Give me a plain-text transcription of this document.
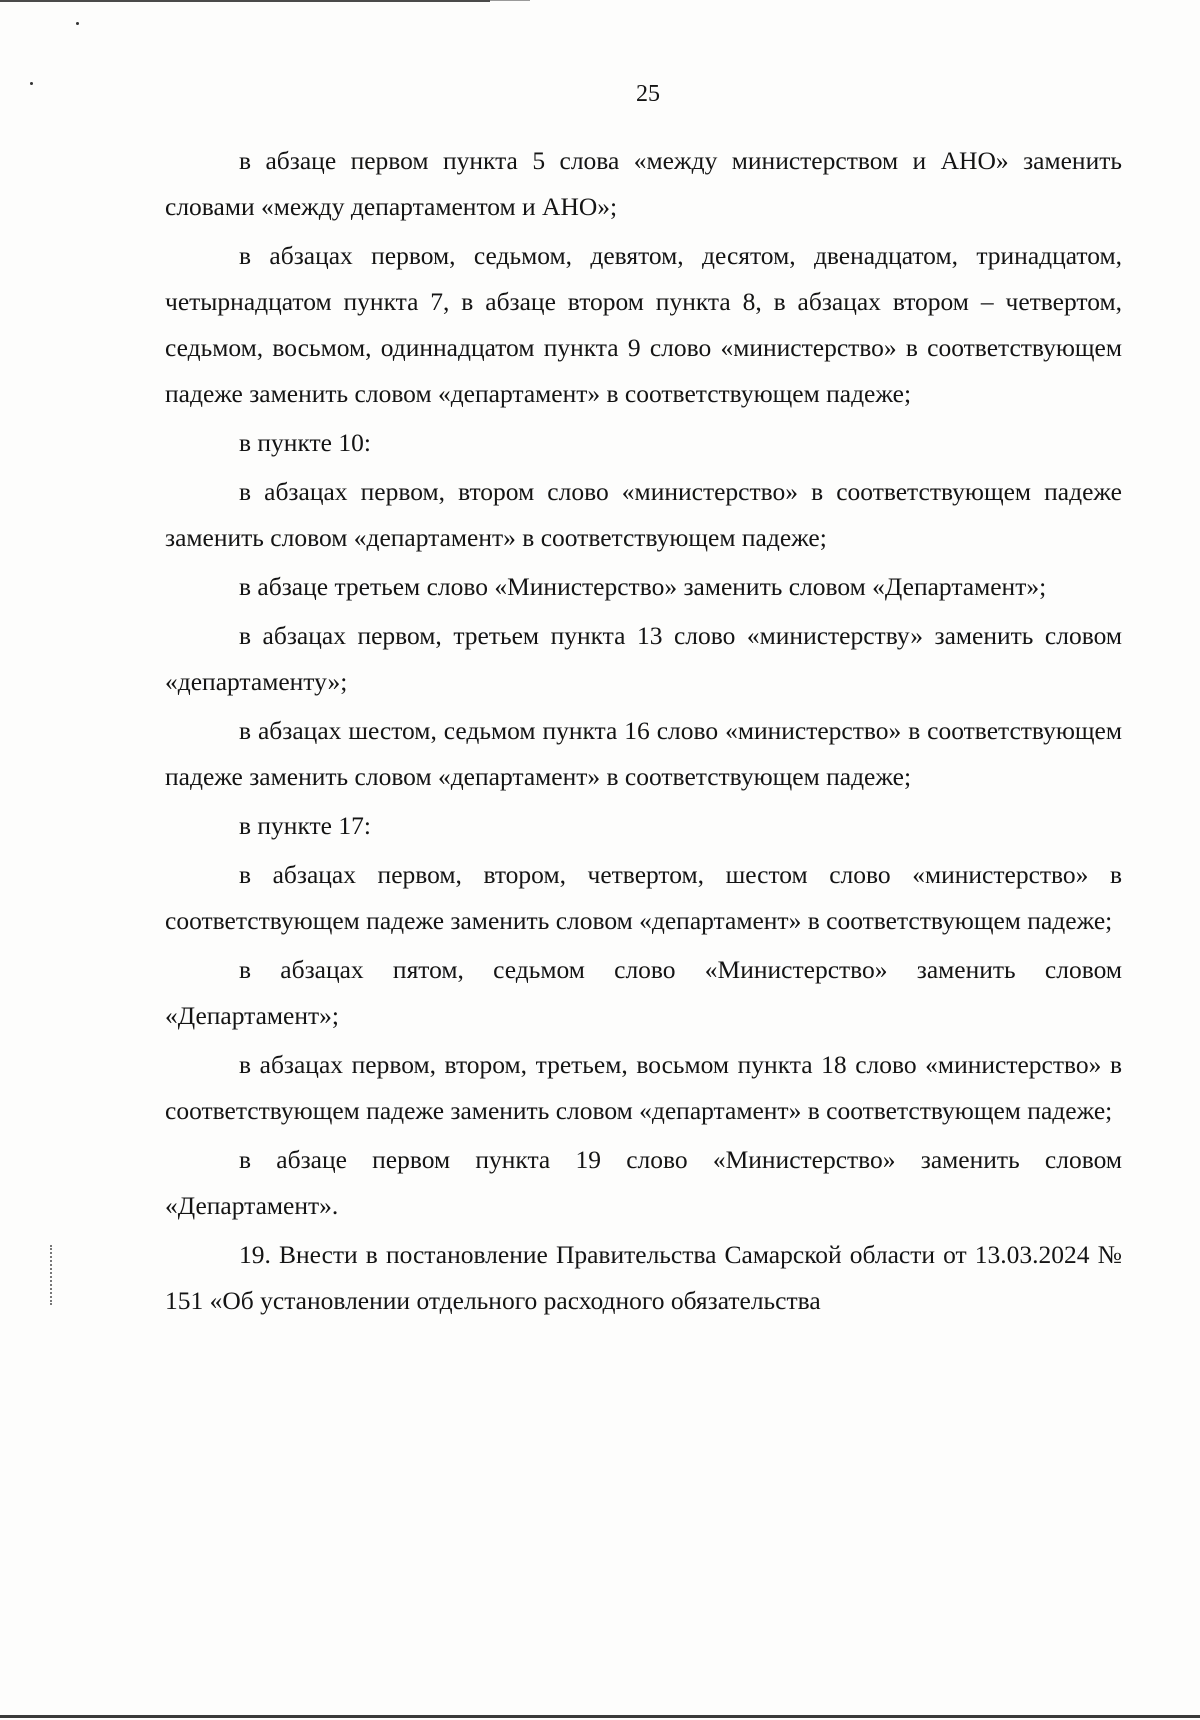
25

в абзаце первом пункта 5 слова «между министерством и АНО» заменить словами «между департаментом и АНО»;

в абзацах первом, седьмом, девятом, десятом, двенадцатом, тринадцатом, четырнадцатом пункта 7, в абзаце втором пункта 8, в абзацах втором – четвертом, седьмом, восьмом, одиннадцатом пункта 9 слово «министерство» в соответствующем падеже заменить словом «департамент» в соответствующем падеже;

в пункте 10:

в абзацах первом, втором слово «министерство» в соответствующем падеже заменить словом «департамент» в соответствующем падеже;

в абзаце третьем слово «Министерство» заменить словом «Департамент»;

в абзацах первом, третьем пункта 13 слово «министерству» заменить словом «департаменту»;

в абзацах шестом, седьмом пункта 16 слово «министерство» в соответствующем падеже заменить словом «департамент» в соответствующем падеже;

в пункте 17:

в абзацах первом, втором, четвертом, шестом слово «министерство» в соответствующем падеже заменить словом «департамент» в соответствующем падеже;

в абзацах пятом, седьмом слово «Министерство» заменить словом «Департамент»;

в абзацах первом, втором, третьем, восьмом пункта 18 слово «министерство» в соответствующем падеже заменить словом «департамент» в соответствующем падеже;

в абзаце первом пункта 19 слово «Министерство» заменить словом «Департамент».

19. Внести в постановление Правительства Самарской области от 13.03.2024 № 151 «Об установлении отдельного расходного обязательства
